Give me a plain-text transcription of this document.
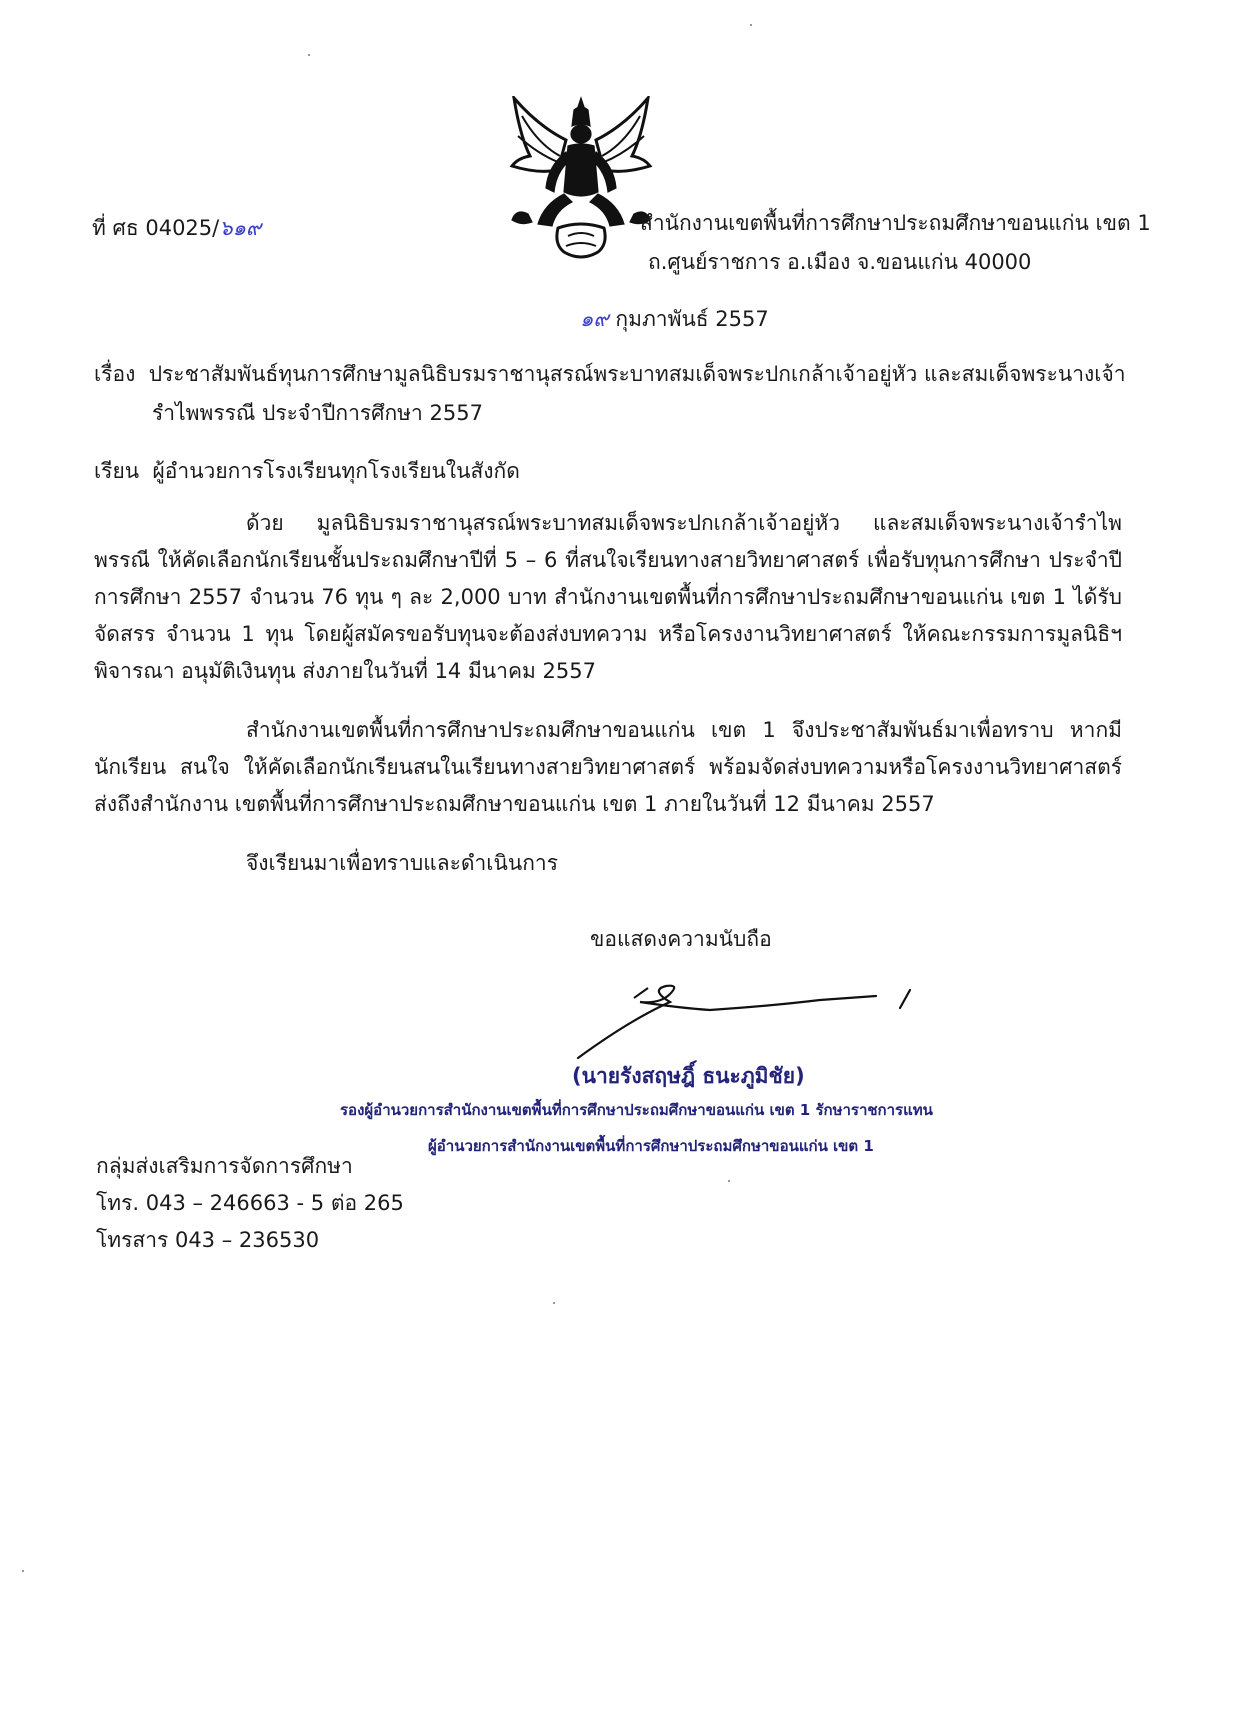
ที่ ศธ 04025/๖๑๙	สำนักงานเขตพื้นที่การศึกษาประถมศึกษาขอนแก่น เขต 1
ถ.ศูนย์ราชการ อ.เมือง จ.ขอนแก่น 40000
๑๙ กุมภาพันธ์ 2557
เรื่อง ประชาสัมพันธ์ทุนการศึกษามูลนิธิบรมราชานุสรณ์พระบาทสมเด็จพระปกเกล้าเจ้าอยู่หัว และสมเด็จพระนางเจ้า
รำไพพรรณี ประจำปีการศึกษา 2557
เรียน ผู้อำนวยการโรงเรียนทุกโรงเรียนในสังกัด
ด้วย มูลนิธิบรมราชานุสรณ์พระบาทสมเด็จพระปกเกล้าเจ้าอยู่หัว และสมเด็จพระนางเจ้ารำไพพรรณี ให้คัดเลือกนักเรียนชั้นประถมศึกษาปีที่ 5 – 6 ที่สนใจเรียนทางสายวิทยาศาสตร์ เพื่อรับทุนการศึกษา ประจำปีการศึกษา 2557 จำนวน 76 ทุน ๆ ละ 2,000 บาท สำนักงานเขตพื้นที่การศึกษาประถมศึกษาขอนแก่น เขต 1 ได้รับจัดสรร จำนวน 1 ทุน โดยผู้สมัครขอรับทุนจะต้องส่งบทความ หรือโครงงานวิทยาศาสตร์ ให้คณะกรรมการมูลนิธิฯ พิจารณา อนุมัติเงินทุน ส่งภายในวันที่ 14 มีนาคม 2557
สำนักงานเขตพื้นที่การศึกษาประถมศึกษาขอนแก่น เขต 1 จึงประชาสัมพันธ์มาเพื่อทราบ หากมีนักเรียน สนใจ ให้คัดเลือกนักเรียนสนในเรียนทางสายวิทยาศาสตร์ พร้อมจัดส่งบทความหรือโครงงานวิทยาศาสตร์ ส่งถึงสำนักงาน เขตพื้นที่การศึกษาประถมศึกษาขอนแก่น เขต 1 ภายในวันที่ 12 มีนาคม 2557
จึงเรียนมาเพื่อทราบและดำเนินการ
ขอแสดงความนับถือ
(นายรังสฤษฎิ์ ธนะภูมิชัย)
รองผู้อำนวยการสำนักงานเขตพื้นที่การศึกษาประถมศึกษาขอนแก่น เขต 1 รักษาราชการแทน
ผู้อำนวยการสำนักงานเขตพื้นที่การศึกษาประถมศึกษาขอนแก่น เขต 1
กลุ่มส่งเสริมการจัดการศึกษา
โทร. 043 – 246663 - 5 ต่อ 265
โทรสาร 043 – 236530
